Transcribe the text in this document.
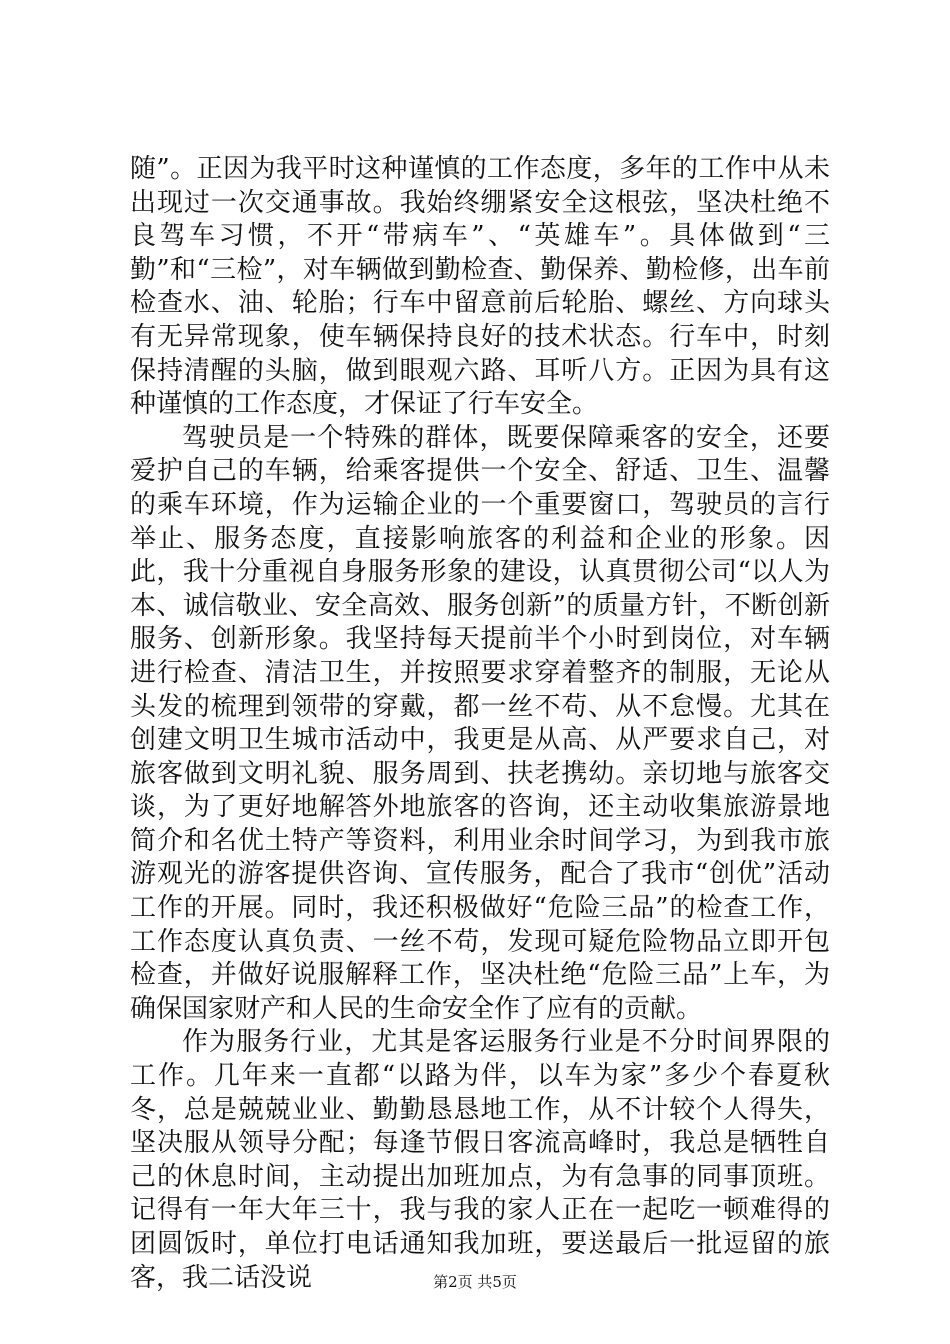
随”。正因为我平时这种谨慎的工作态度，多年的工作中从未出现过一次交通事故。我始终绷紧安全这根弦，坚决杜绝不良驾车习惯，不开“带病车”、“英雄车”。具体做到“三勤”和“三检”，对车辆做到勤检查、勤保养、勤检修，出车前检查水、油、轮胎；行车中留意前后轮胎、螺丝、方向球头有无异常现象，使车辆保持良好的技术状态。行车中，时刻保持清醒的头脑，做到眼观六路、耳听八方。正因为具有这种谨慎的工作态度，才保证了行车安全。

驾驶员是一个特殊的群体，既要保障乘客的安全，还要爱护自己的车辆，给乘客提供一个安全、舒适、卫生、温馨的乘车环境，作为运输企业的一个重要窗口，驾驶员的言行举止、服务态度，直接影响旅客的利益和企业的形象。因此，我十分重视自身服务形象的建设，认真贯彻公司“以人为本、诚信敬业、安全高效、服务创新”的质量方针，不断创新服务、创新形象。我坚持每天提前半个小时到岗位，对车辆进行检查、清洁卫生，并按照要求穿着整齐的制服，无论从头发的梳理到领带的穿戴，都一丝不苟、从不怠慢。尤其在创建文明卫生城市活动中，我更是从高、从严要求自己，对旅客做到文明礼貌、服务周到、扶老携幼。亲切地与旅客交谈，为了更好地解答外地旅客的咨询，还主动收集旅游景地简介和名优土特产等资料，利用业余时间学习，为到我市旅游观光的游客提供咨询、宣传服务，配合了我市“创优”活动工作的开展。同时，我还积极做好“危险三品”的检查工作，工作态度认真负责、一丝不苟，发现可疑危险物品立即开包检查，并做好说服解释工作，坚决杜绝“危险三品”上车，为确保国家财产和人民的生命安全作了应有的贡献。

作为服务行业，尤其是客运服务行业是不分时间界限的工作。几年来一直都“以路为伴，以车为家”多少个春夏秋冬，总是兢兢业业、勤勤恳恳地工作，从不计较个人得失，坚决服从领导分配；每逢节假日客流高峰时，我总是牺牲自己的休息时间，主动提出加班加点，为有急事的同事顶班。记得有一年大年三十，我与我的家人正在一起吃一顿难得的团圆饭时，单位打电话通知我加班，要送最后一批逗留的旅客，我二话没说	第2页 共5页
